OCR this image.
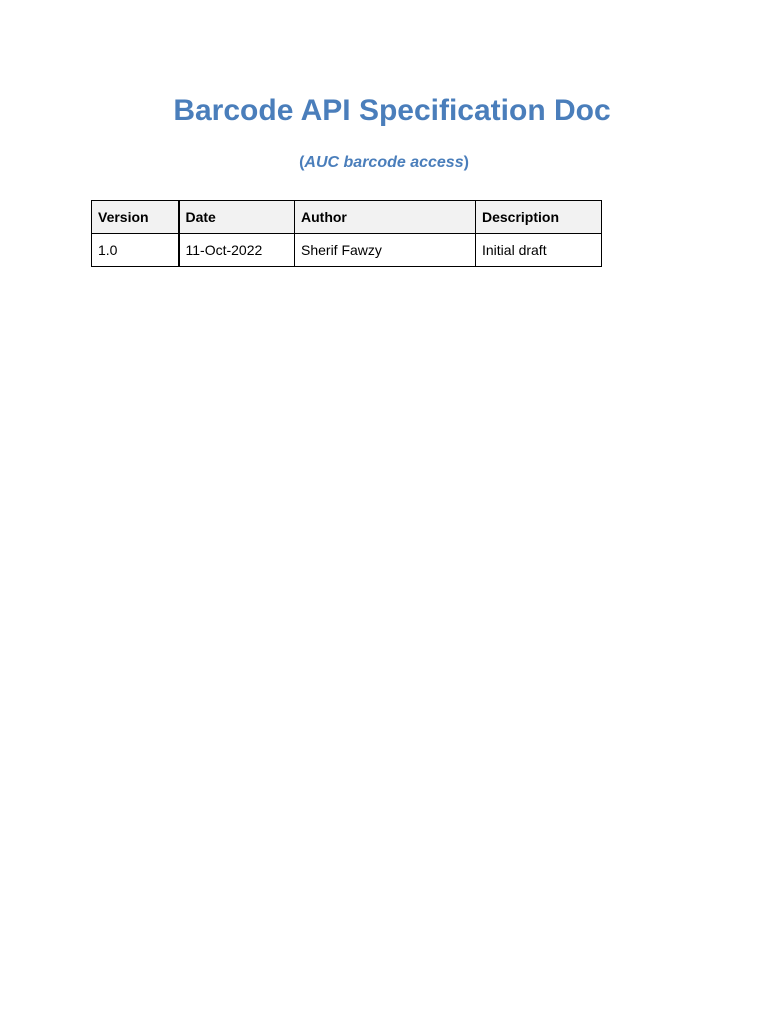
Barcode API Specification Doc

(AUC barcode access)

Version	Date	Author	Description
1.0	11-Oct-2022	Sherif Fawzy	Initial draft
